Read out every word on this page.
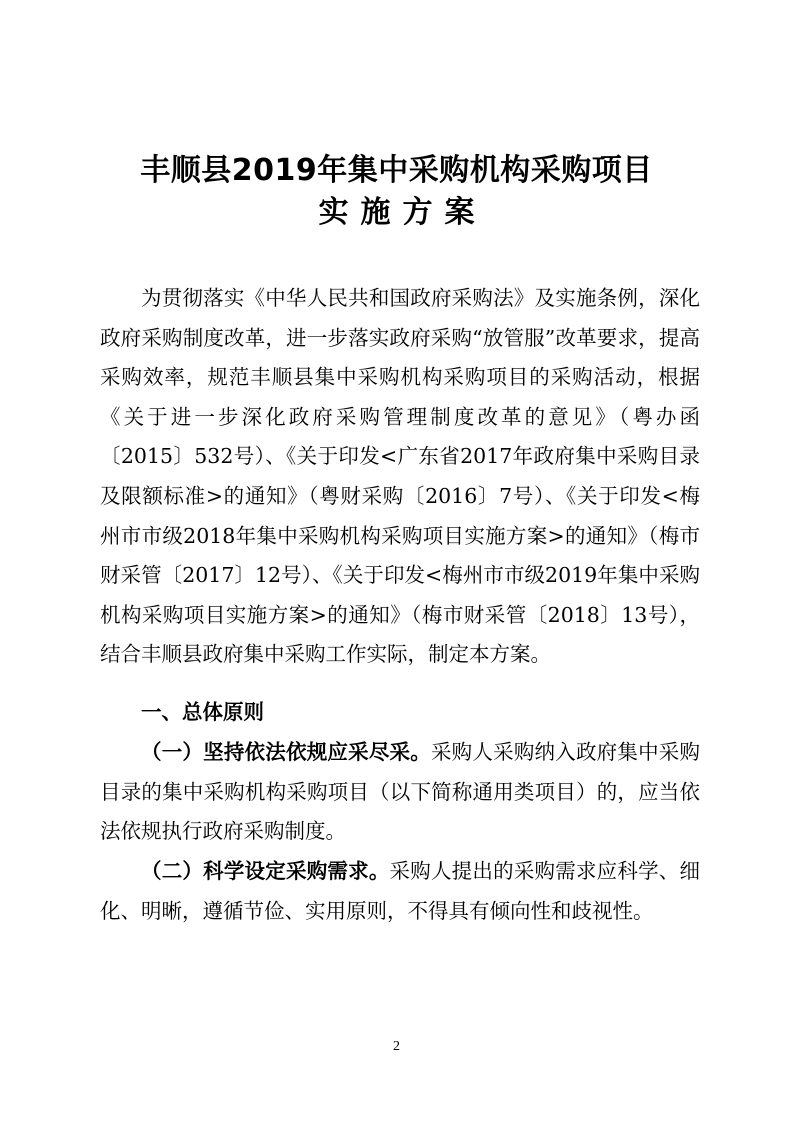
丰顺县2019年集中采购机构采购项目
实施方案

为贯彻落实《中华人民共和国政府采购法》及实施条例，深化政府采购制度改革，进一步落实政府采购“放管服”改革要求，提高采购效率，规范丰顺县集中采购机构采购项目的采购活动，根据《关于进一步深化政府采购管理制度改革的意见》（粤办函〔2015〕532号）、《关于印发<广东省2017年政府集中采购目录及限额标准>的通知》（粤财采购〔2016〕7号）、《关于印发<梅州市市级2018年集中采购机构采购项目实施方案>的通知》（梅市财采管〔2017〕12号）、《关于印发<梅州市市级2019年集中采购机构采购项目实施方案>的通知》（梅市财采管〔2018〕13号），结合丰顺县政府集中采购工作实际，制定本方案。

一、总体原则

（一）坚持依法依规应采尽采。采购人采购纳入政府集中采购目录的集中采购机构采购项目（以下简称通用类项目）的，应当依法依规执行政府采购制度。

（二）科学设定采购需求。采购人提出的采购需求应科学、细化、明晰，遵循节俭、实用原则，不得具有倾向性和歧视性。

2
